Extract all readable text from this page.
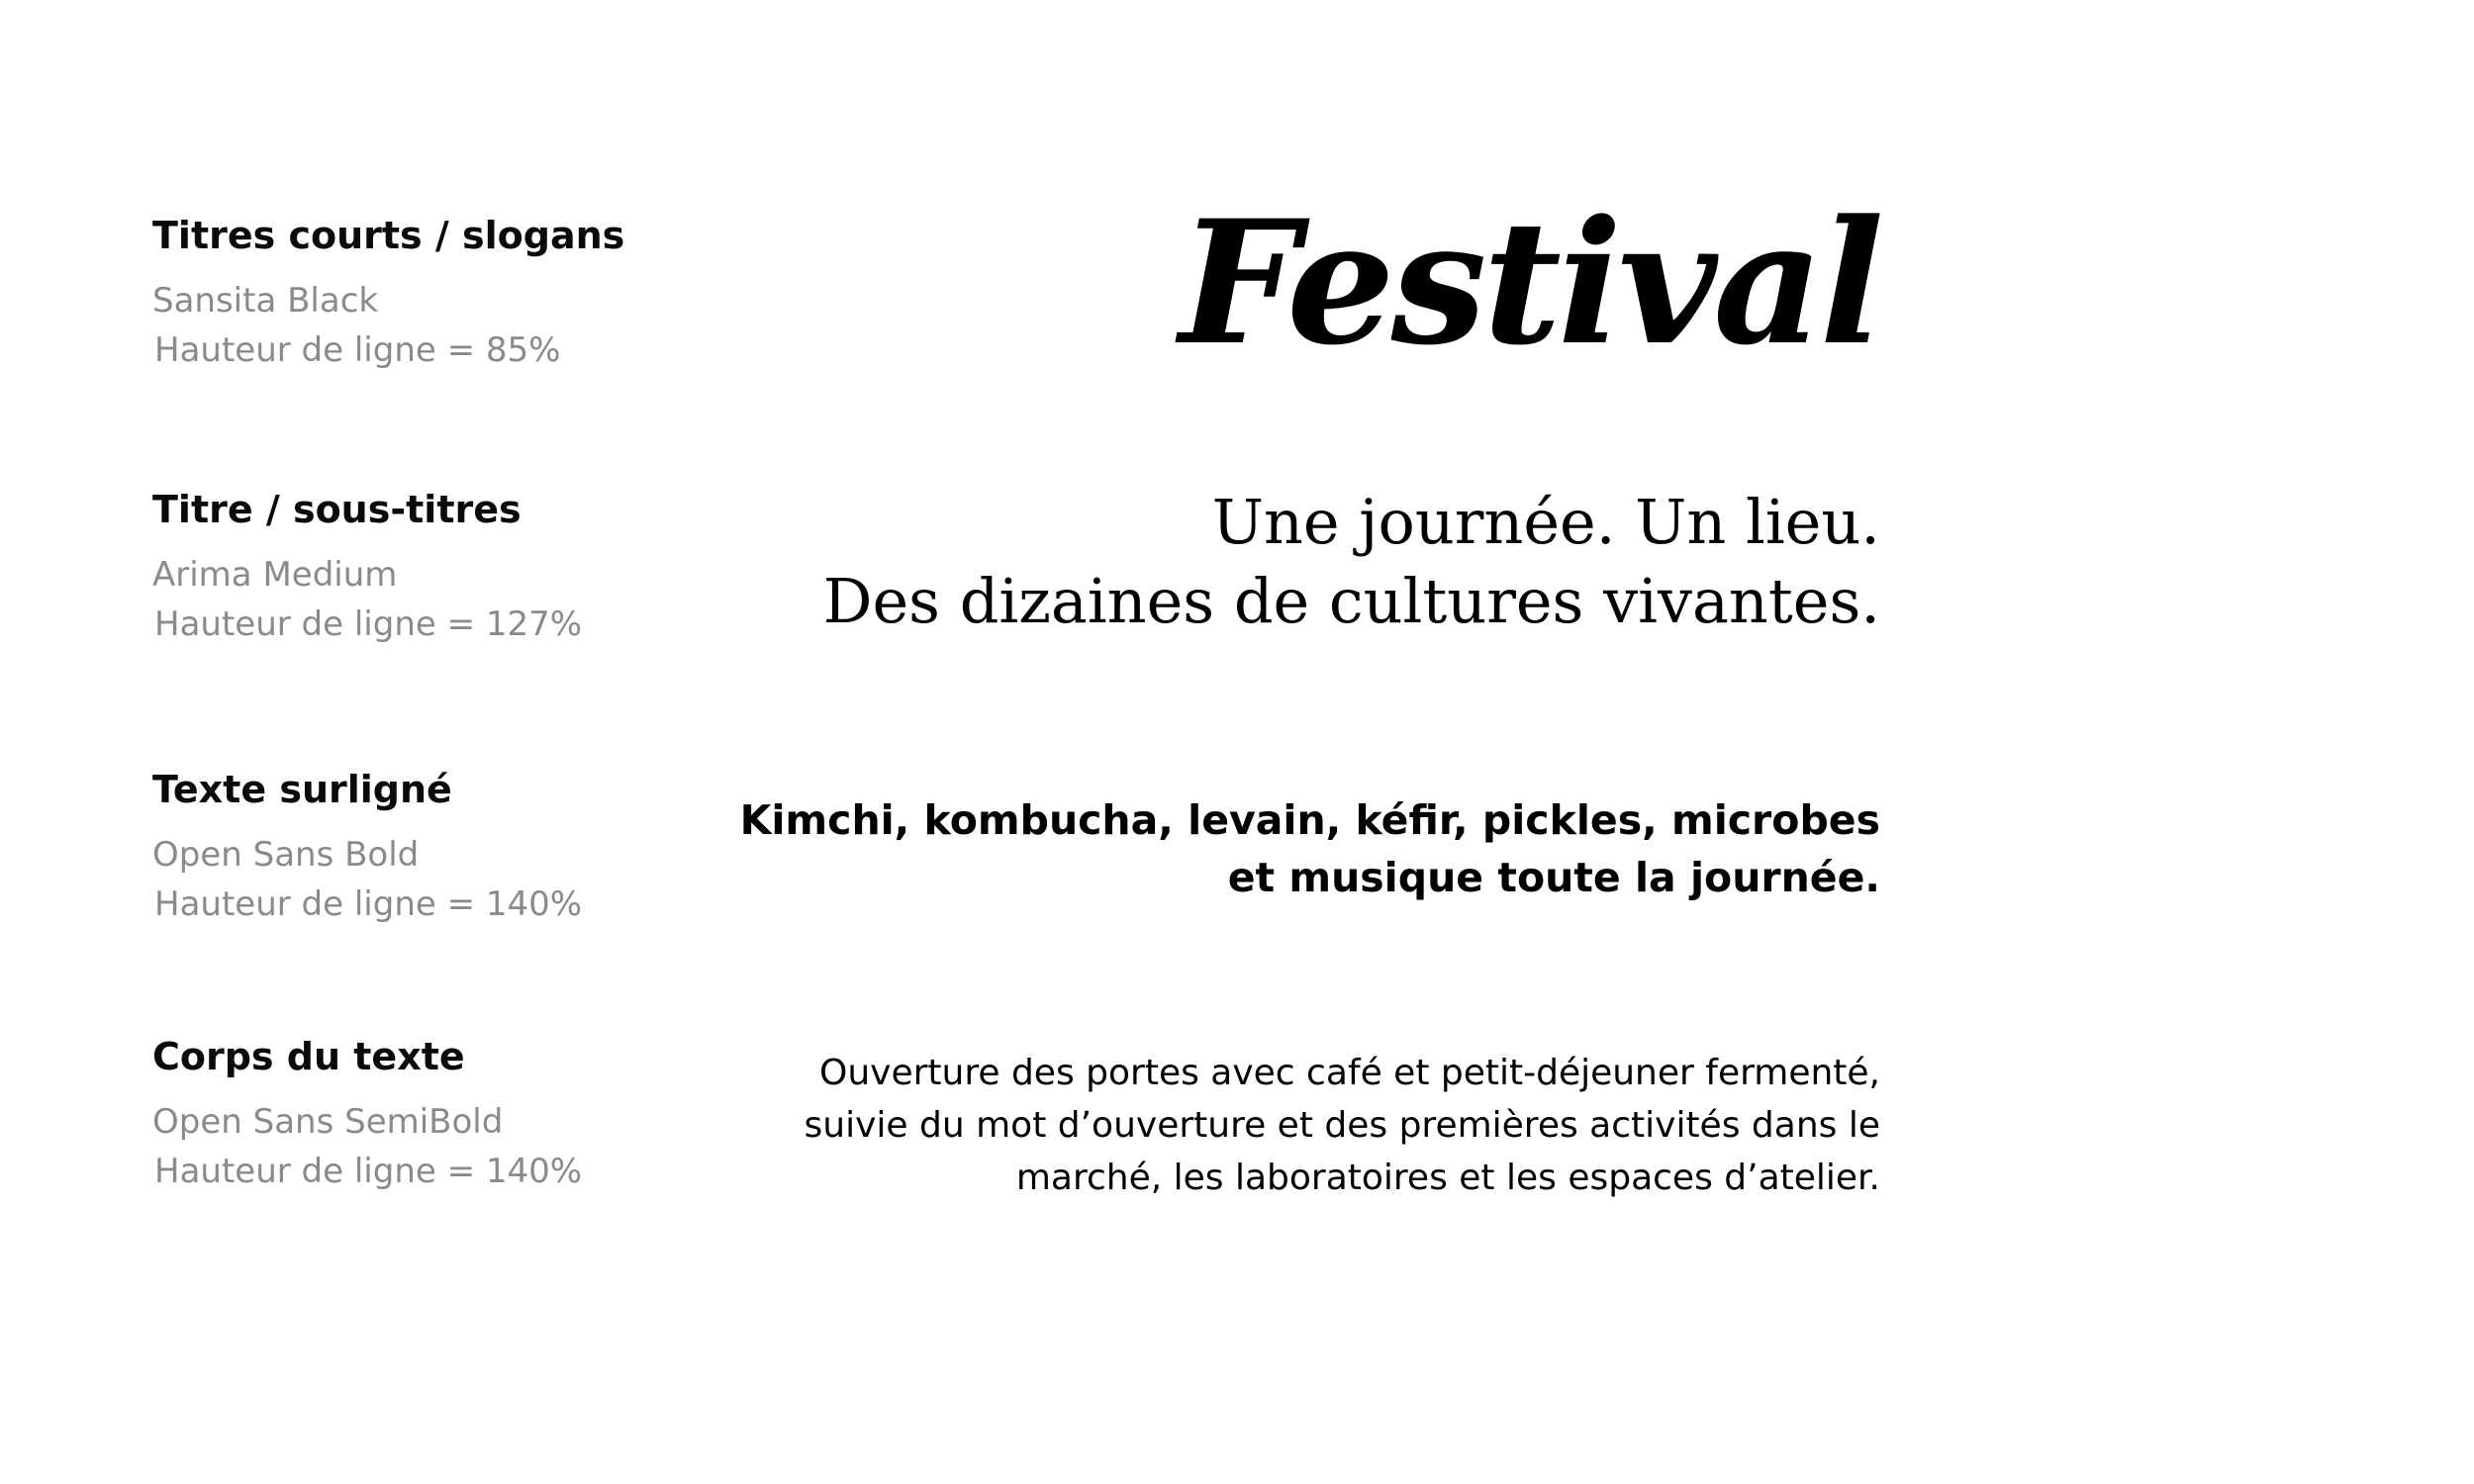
Titres courts / slogans
Sansita Black
Hauteur de ligne = 85%
Titre / sous-titres
Arima Medium
Hauteur de ligne = 127%
Texte surligné
Open Sans Bold
Hauteur de ligne = 140%
Corps du texte
Open Sans SemiBold
Hauteur de ligne = 140%
Festival
Une journée. Un lieu.
Des dizaines de cultures vivantes.
Kimchi, kombucha, levain, kéfir, pickles, microbes
et musique toute la journée.
Ouverture des portes avec café et petit-déjeuner fermenté,
suivie du mot d’ouverture et des premières activités dans le
marché, les laboratoires et les espaces d’atelier.
